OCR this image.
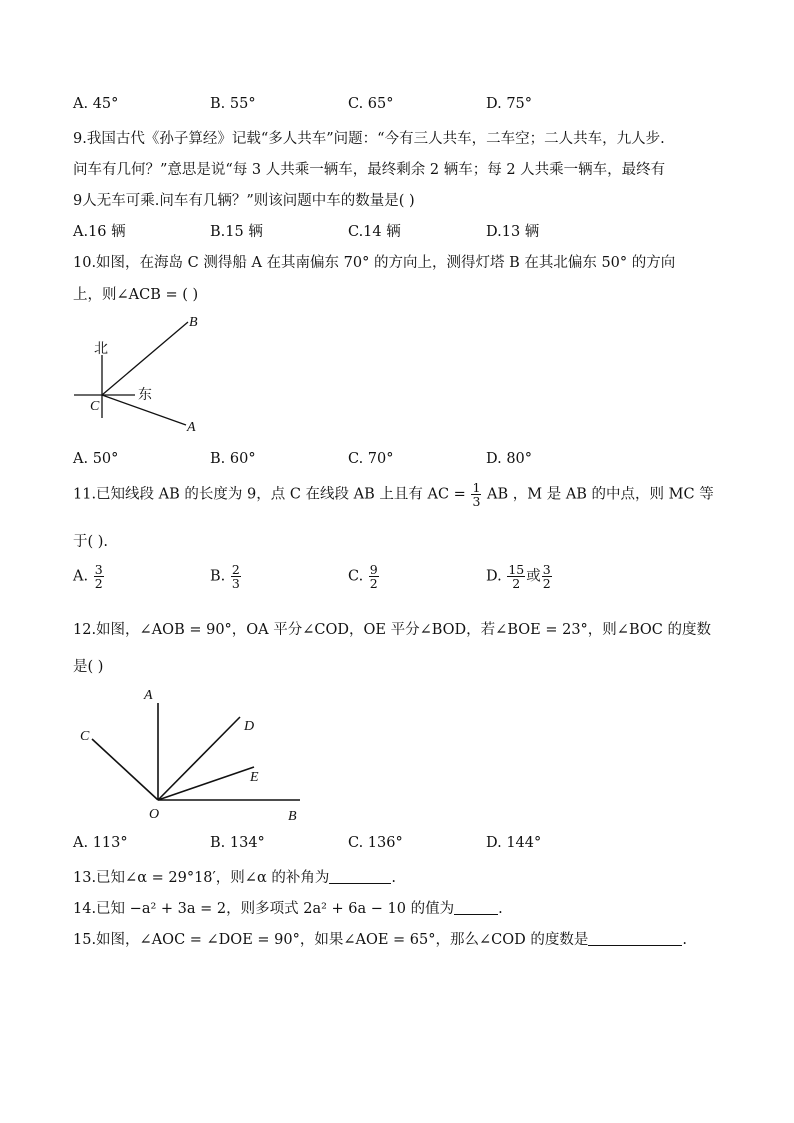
A. 45°	B. 55°	C. 65°	D. 75°
9.我国古代《孙子算经》记载“多人共车”问题：“今有三人共车，二车空；二人共车，九人步.
问车有几何？”意思是说“每 3 人共乘一辆车，最终剩余 2 辆车；每 2 人共乘一辆车，最终有
9人无车可乘.问车有几辆？”则该问题中车的数量是( )
A.16 辆	B.15 辆	C.14 辆	D.13 辆
10.如图，在海岛 C 测得船 A 在其南偏东 70° 的方向上，测得灯塔 B 在其北偏东 50° 的方向
上，则∠ACB = ( )
北
东
C
B
A
A. 50°	B. 60°	C. 70°	D. 80°
11.已知线段 AB 的长度为 9，点 C 在线段 AB 上且有 AC = $\frac{1}{3}$ AB ，M 是 AB 的中点，则 MC 等
于( ).
A. $\frac{3}{2}$	B. $\frac{2}{3}$	C. $\frac{9}{2}$	D. $\frac{15}{2}$ 或 $\frac{3}{2}$
12.如图，∠AOB = 90°，OA 平分∠COD，OE 平分∠BOD，若∠BOE = 23°，则∠BOC 的度数
是( )
A
C
D
E
O	B
A. 113°	B. 134°	C. 136°	D. 144°
13.已知∠α = 29°18′，则∠α 的补角为	.
14.已知 −a² + 3a = 2，则多项式 2a² + 6a − 10 的值为	.
15.如图，∠AOC = ∠DOE = 90°，如果∠AOE = 65°，那么∠COD 的度数是	.
